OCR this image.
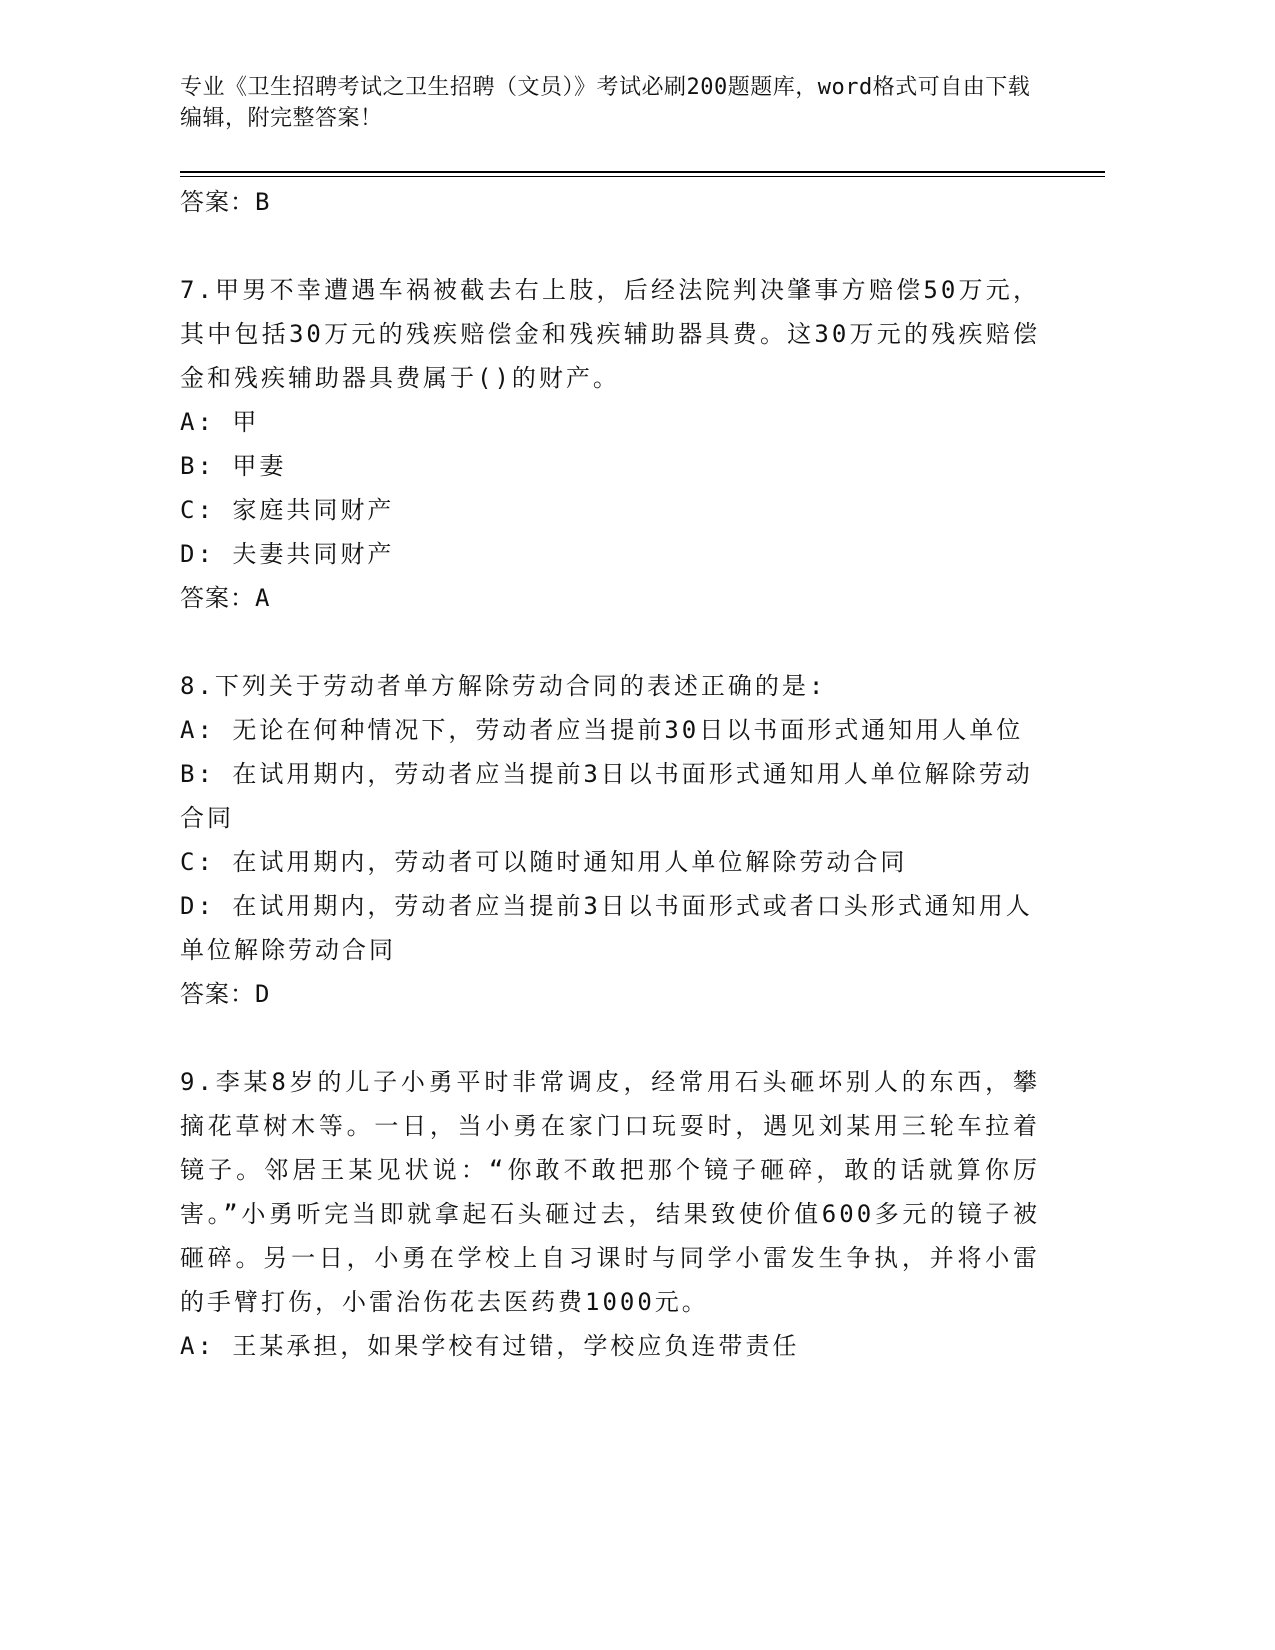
专业《卫生招聘考试之卫生招聘（文员）》考试必刷200题题库，word格式可自由下载编辑，附完整答案！

答案：B

7.甲男不幸遭遇车祸被截去右上肢，后经法院判决肇事方赔偿50万元，其中包括30万元的残疾赔偿金和残疾辅助器具费。这30万元的残疾赔偿金和残疾辅助器具费属于()的财产。

A: 甲

B: 甲妻

C: 家庭共同财产

D: 夫妻共同财产

答案：A

8.下列关于劳动者单方解除劳动合同的表述正确的是:

A: 无论在何种情况下，劳动者应当提前30日以书面形式通知用人单位

B: 在试用期内，劳动者应当提前3日以书面形式通知用人单位解除劳动合同

C: 在试用期内，劳动者可以随时通知用人单位解除劳动合同

D: 在试用期内，劳动者应当提前3日以书面形式或者口头形式通知用人单位解除劳动合同

答案：D

9.李某8岁的儿子小勇平时非常调皮，经常用石头砸坏别人的东西，攀摘花草树木等。一日，当小勇在家门口玩耍时，遇见刘某用三轮车拉着镜子。邻居王某见状说：“你敢不敢把那个镜子砸碎，敢的话就算你厉害。”小勇听完当即就拿起石头砸过去，结果致使价值600多元的镜子被砸碎。另一日，小勇在学校上自习课时与同学小雷发生争执，并将小雷的手臂打伤，小雷治伤花去医药费1000元。

A: 王某承担，如果学校有过错，学校应负连带责任
